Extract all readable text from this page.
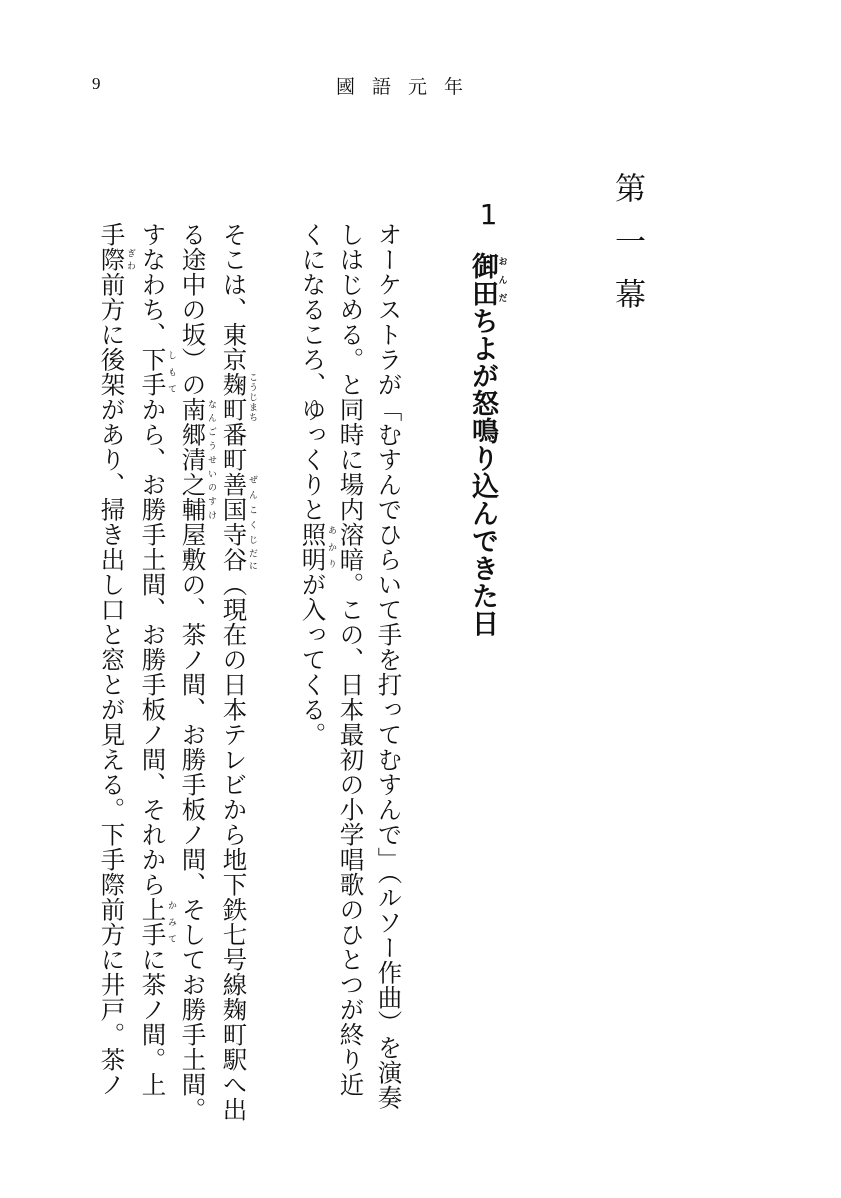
9	國語元年
第一幕
1
御田おんだちよが怒鳴り込んできた日
オーケストラが「むすんでひらいて手を打ってむすんで」（ルソー作曲）を演奏
しはじめる。と同時に場内溶暗。この、日本最初の小学唱歌のひとつが終り近
くになるころ、ゆっくりと照明あかりが入ってくる。
そこは、東京麹町こうじまち番町善国寺ぜんこくじ谷だに（現在の日本テレビから地下鉄七号線麹町駅へ出
る途中の坂）の南郷清之輔なんごうせいのすけ屋敷の、茶ノ間、お勝手板ノ間、そしてお勝手土間。
すなわち、下手しもてから、お勝手土間、お勝手板ノ間、それから上手かみてに茶ノ間。上
手際ぎわ前方に後架があり、掃き出し口と窓とが見える。下手際前方に井戸。茶ノ
